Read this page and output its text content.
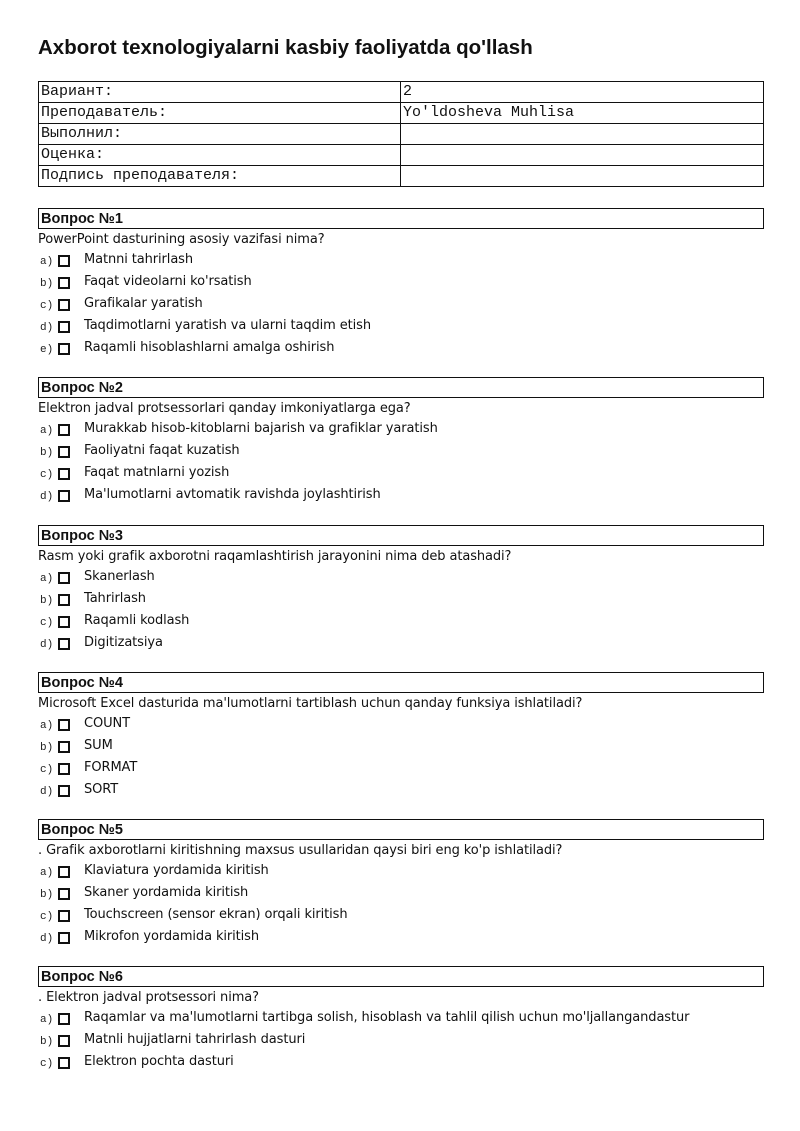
Axborot texnologiyalarni kasbiy faoliyatda qo'llash
Вариант:	2
Преподаватель:	Yo'ldosheva Muhlisa
Выполнил:	
Оценка:	
Подпись преподавателя:	
Вопрос №1
PowerPoint dasturining asosiy vazifasi nima?
a) Matnni tahrirlash
b) Faqat videolarni ko'rsatish
c) Grafikalar yaratish
d) Taqdimotlarni yaratish va ularni taqdim etish
e) Raqamli hisoblashlarni amalga oshirish
Вопрос №2
Elektron jadval protsessorlari qanday imkoniyatlarga ega?
a) Murakkab hisob-kitoblarni bajarish va grafiklar yaratish
b) Faoliyatni faqat kuzatish
c) Faqat matnlarni yozish
d) Ma'lumotlarni avtomatik ravishda joylashtirish
Вопрос №3
Rasm yoki grafik axborotni raqamlashtirish jarayonini nima deb atashadi?
a) Skanerlash
b) Tahrirlash
c) Raqamli kodlash
d) Digitizatsiya
Вопрос №4
Microsoft Excel dasturida ma'lumotlarni tartiblash uchun qanday funksiya ishlatiladi?
a) COUNT
b) SUM
c) FORMAT
d) SORT
Вопрос №5
. Grafik axborotlarni kiritishning maxsus usullaridan qaysi biri eng ko'p ishlatiladi?
a) Klaviatura yordamida kiritish
b) Skaner yordamida kiritish
c) Touchscreen (sensor ekran) orqali kiritish
d) Mikrofon yordamida kiritish
Вопрос №6
. Elektron jadval protsessori nima?
a) Raqamlar va ma'lumotlarni tartibga solish, hisoblash va tahlil qilish uchun mo'ljallangandastur
b) Matnli hujjatlarni tahrirlash dasturi
c) Elektron pochta dasturi
